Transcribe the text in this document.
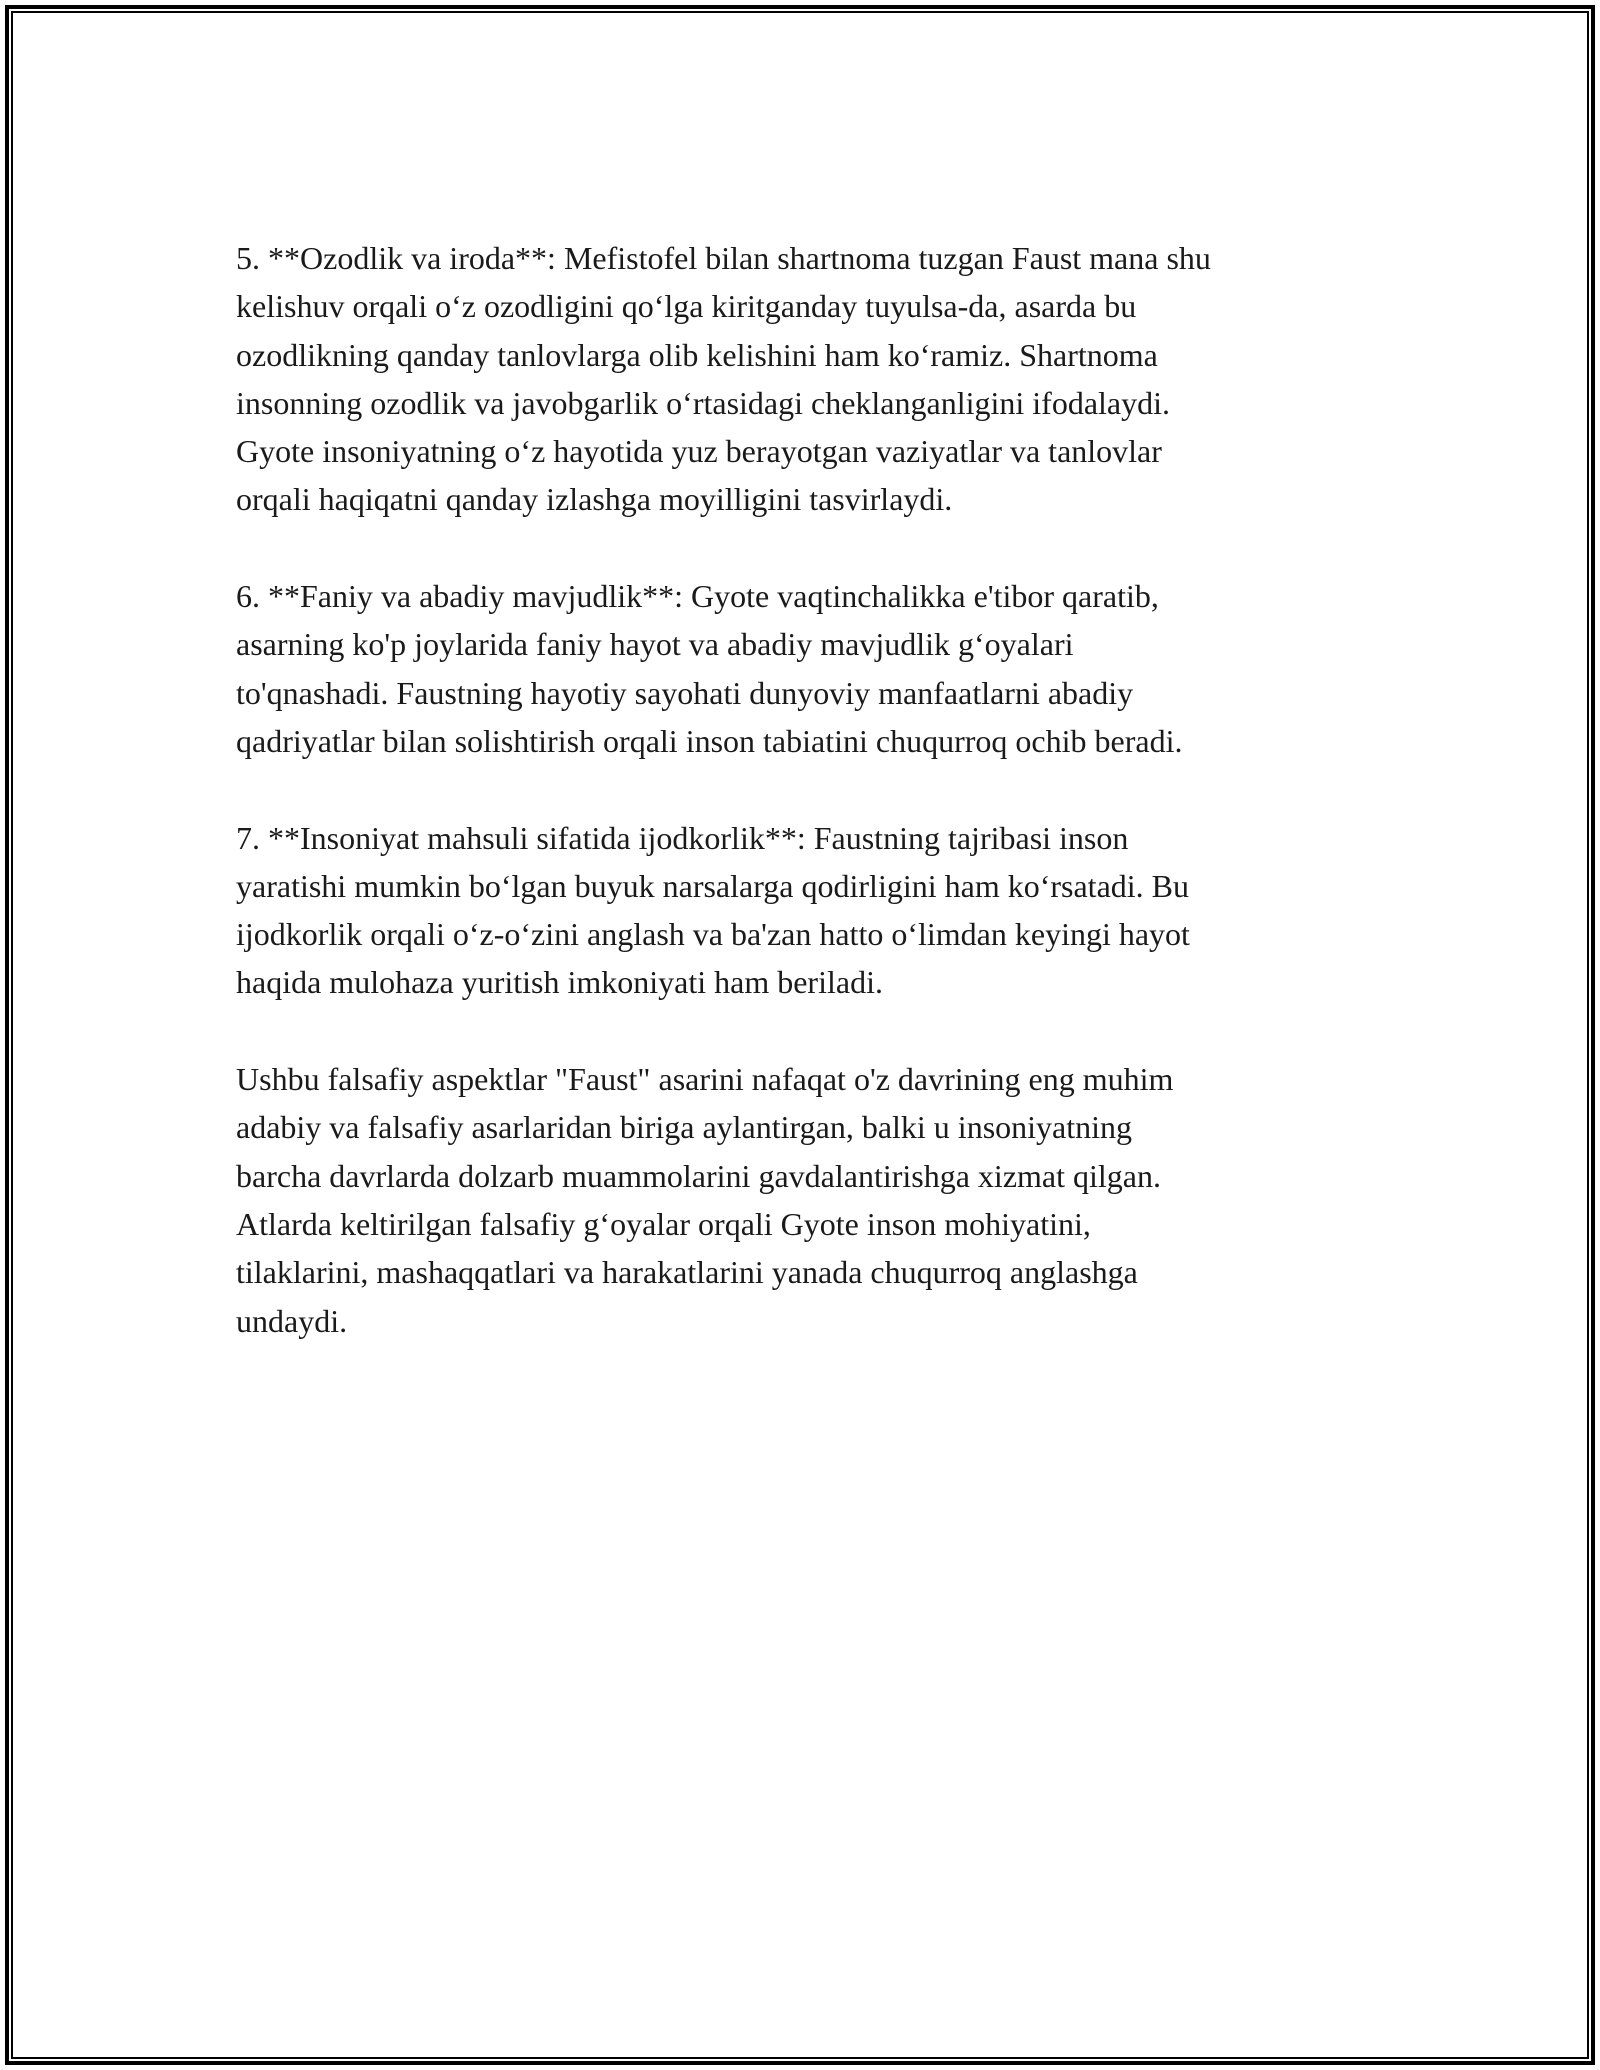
5. **Ozodlik va iroda**: Mefistofel bilan shartnoma tuzgan Faust mana shu
kelishuv orqali o‘z ozodligini qo‘lga kiritganday tuyulsa-da, asarda bu
ozodlikning qanday tanlovlarga olib kelishini ham ko‘ramiz. Shartnoma
insonning ozodlik va javobgarlik o‘rtasidagi cheklanganligini ifodalaydi.
Gyote insoniyatning o‘z hayotida yuz berayotgan vaziyatlar va tanlovlar
orqali haqiqatni qanday izlashga moyilligini tasvirlaydi.

6. **Faniy va abadiy mavjudlik**: Gyote vaqtinchalikka e'tibor qaratib,
asarning ko'p joylarida faniy hayot va abadiy mavjudlik g‘oyalari
to'qnashadi. Faustning hayotiy sayohati dunyoviy manfaatlarni abadiy
qadriyatlar bilan solishtirish orqali inson tabiatini chuqurroq ochib beradi.

7. **Insoniyat mahsuli sifatida ijodkorlik**: Faustning tajribasi inson
yaratishi mumkin bo‘lgan buyuk narsalarga qodirligini ham ko‘rsatadi. Bu
ijodkorlik orqali o‘z-o‘zini anglash va ba'zan hatto o‘limdan keyingi hayot
haqida mulohaza yuritish imkoniyati ham beriladi.

Ushbu falsafiy aspektlar "Faust" asarini nafaqat o'z davrining eng muhim
adabiy va falsafiy asarlaridan biriga aylantirgan, balki u insoniyatning
barcha davrlarda dolzarb muammolarini gavdalantirishga xizmat qilgan.
Atlarda keltirilgan falsafiy g‘oyalar orqali Gyote inson mohiyatini,
tilaklarini, mashaqqatlari va harakatlarini yanada chuqurroq anglashga
undaydi.
